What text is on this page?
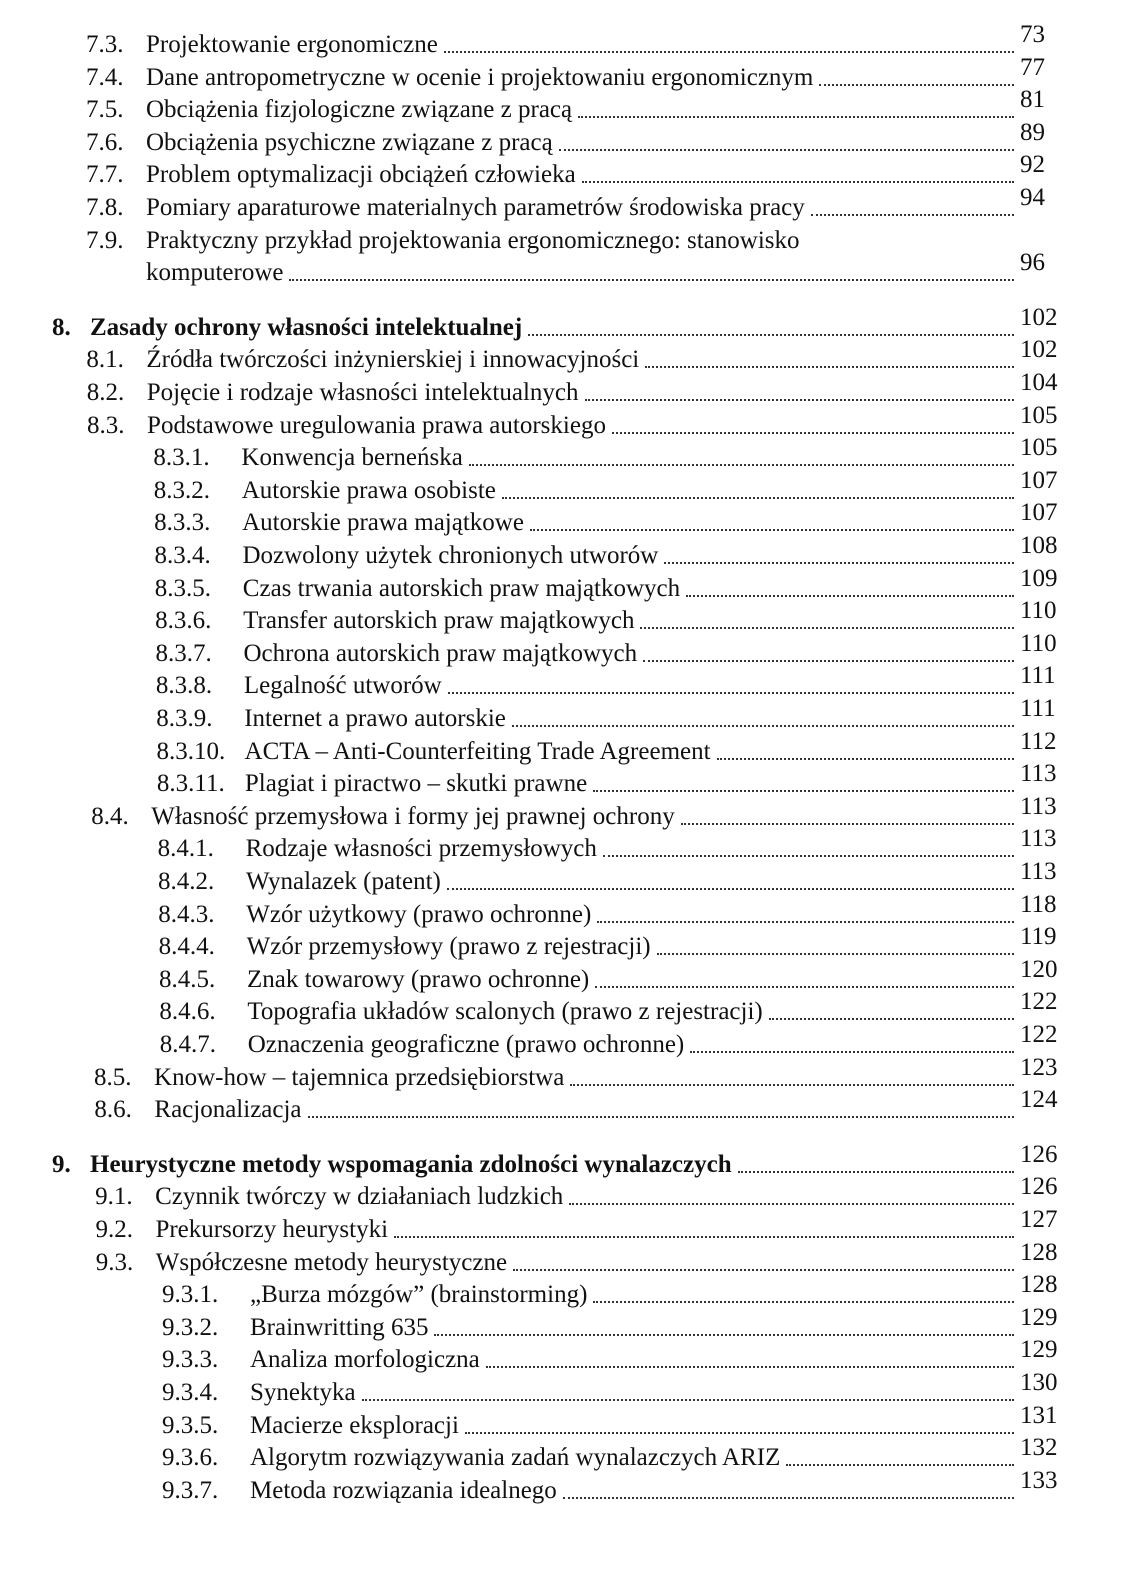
7.3. Projektowanie ergonomiczne	73
7.4. Dane antropometryczne w ocenie i projektowaniu ergonomicznym	77
7.5. Obciążenia fizjologiczne związane z pracą	81
7.6. Obciążenia psychiczne związane z pracą	89
7.7. Problem optymalizacji obciążeń człowieka	92
7.8. Pomiary aparaturowe materialnych parametrów środowiska pracy	94
7.9. Praktyczny przykład projektowania ergonomicznego: stanowisko
komputerowe	96
8. Zasady ochrony własności intelektualnej	102
8.1. Źródła twórczości inżynierskiej i innowacyjności	102
8.2. Pojęcie i rodzaje własności intelektualnych	104
8.3. Podstawowe uregulowania prawa autorskiego	105
8.3.1. Konwencja berneńska	105
8.3.2. Autorskie prawa osobiste	107
8.3.3. Autorskie prawa majątkowe	107
8.3.4. Dozwolony użytek chronionych utworów	108
8.3.5. Czas trwania autorskich praw majątkowych	109
8.3.6. Transfer autorskich praw majątkowych	110
8.3.7. Ochrona autorskich praw majątkowych	110
8.3.8. Legalność utworów	111
8.3.9. Internet a prawo autorskie	111
8.3.10. ACTA – Anti-Counterfeiting Trade Agreement	112
8.3.11. Plagiat i piractwo – skutki prawne	113
8.4. Własność przemysłowa i formy jej prawnej ochrony	113
8.4.1. Rodzaje własności przemysłowych	113
8.4.2. Wynalazek (patent)	113
8.4.3. Wzór użytkowy (prawo ochronne)	118
8.4.4. Wzór przemysłowy (prawo z rejestracji)	119
8.4.5. Znak towarowy (prawo ochronne)	120
8.4.6. Topografia układów scalonych (prawo z rejestracji)	122
8.4.7. Oznaczenia geograficzne (prawo ochronne)	122
8.5. Know-how – tajemnica przedsiębiorstwa	123
8.6. Racjonalizacja	124
9. Heurystyczne metody wspomagania zdolności wynalazczych	126
9.1. Czynnik twórczy w działaniach ludzkich	126
9.2. Prekursorzy heurystyki	127
9.3. Współczesne metody heurystyczne	128
9.3.1. „Burza mózgów” (brainstorming)	128
9.3.2. Brainwritting 635	129
9.3.3. Analiza morfologiczna	129
9.3.4. Synektyka	130
9.3.5. Macierze eksploracji	131
9.3.6. Algorytm rozwiązywania zadań wynalazczych ARIZ	132
9.3.7. Metoda rozwiązania idealnego	133
